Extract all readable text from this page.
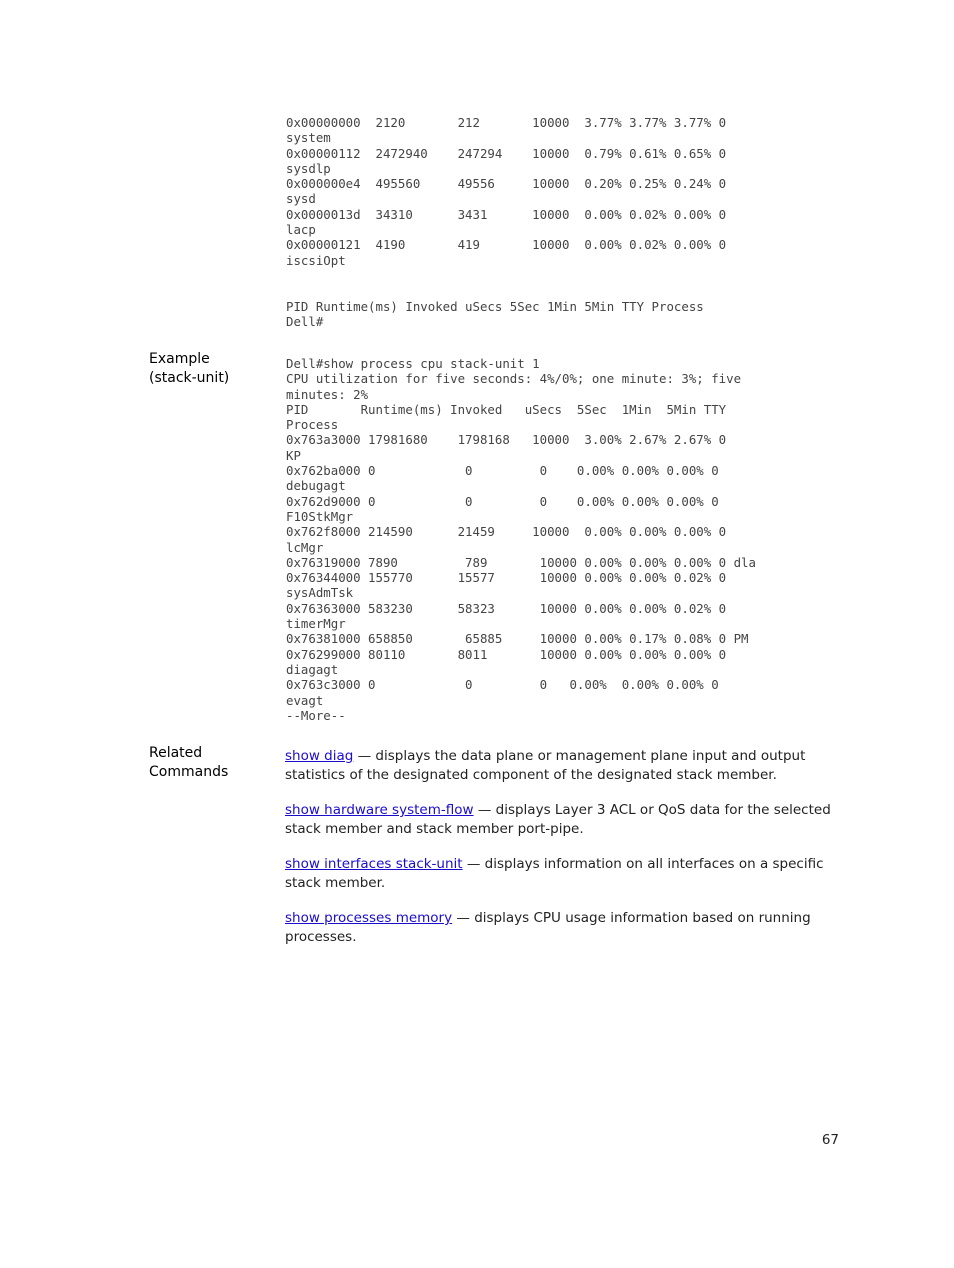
0x00000000  2120       212       10000  3.77% 3.77% 3.77% 0
system
0x00000112  2472940    247294    10000  0.79% 0.61% 0.65% 0
sysdlp
0x000000e4  495560     49556     10000  0.20% 0.25% 0.24% 0
sysd
0x0000013d  34310      3431      10000  0.00% 0.02% 0.00% 0
lacp
0x00000121  4190       419       10000  0.00% 0.02% 0.00% 0
iscsiOpt

PID Runtime(ms) Invoked uSecs 5Sec 1Min 5Min TTY Process
Dell#
Example
(stack-unit)
Dell#show process cpu stack-unit 1
CPU utilization for five seconds: 4%/0%; one minute: 3%; five
minutes: 2%
PID       Runtime(ms) Invoked   uSecs  5Sec  1Min  5Min TTY
Process
0x763a3000 17981680    1798168   10000  3.00% 2.67% 2.67% 0
KP
0x762ba000 0            0         0    0.00% 0.00% 0.00% 0
debugagt
0x762d9000 0            0         0    0.00% 0.00% 0.00% 0
F10StkMgr
0x762f8000 214590      21459     10000  0.00% 0.00% 0.00% 0
lcMgr
0x76319000 7890         789       10000 0.00% 0.00% 0.00% 0 dla
0x76344000 155770      15577      10000 0.00% 0.00% 0.02% 0
sysAdmTsk
0x76363000 583230      58323      10000 0.00% 0.00% 0.02% 0
timerMgr
0x76381000 658850       65885     10000 0.00% 0.17% 0.08% 0 PM
0x76299000 80110       8011       10000 0.00% 0.00% 0.00% 0
diagagt
0x763c3000 0            0         0   0.00%  0.00% 0.00% 0
evagt
--More--
Related
Commands

show diag — displays the data plane or management plane input and output statistics of the designated component of the designated stack member.

show hardware system-flow — displays Layer 3 ACL or QoS data for the selected stack member and stack member port-pipe.

show interfaces stack-unit — displays information on all interfaces on a specific stack member.

show processes memory — displays CPU usage information based on running processes.

67
